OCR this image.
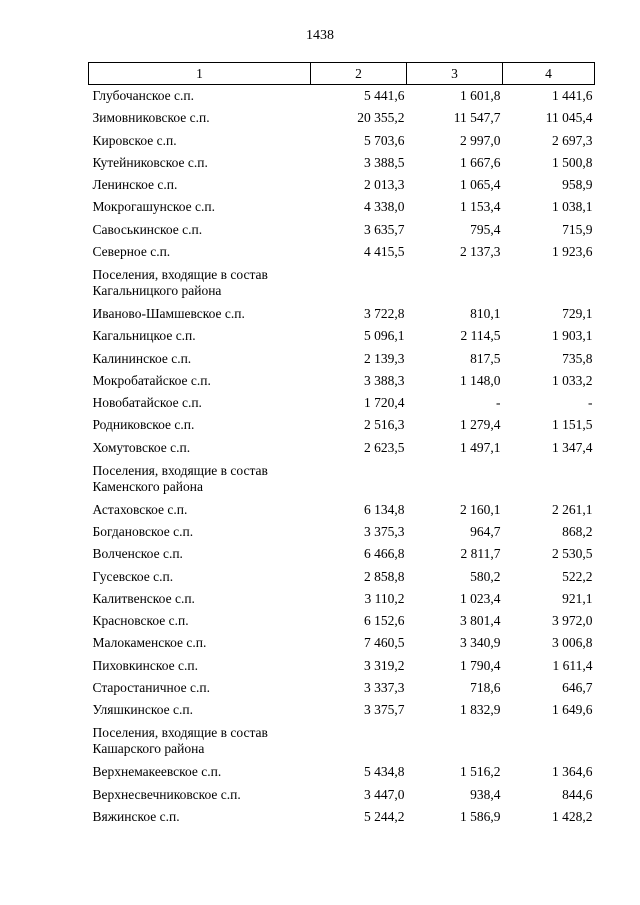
1438
1	2	3	4
Глубочанское с.п.	5 441,6	1 601,8	1 441,6
Зимовниковское с.п.	20 355,2	11 547,7	11 045,4
Кировское с.п.	5 703,6	2 997,0	2 697,3
Кутейниковское с.п.	3 388,5	1 667,6	1 500,8
Ленинское с.п.	2 013,3	1 065,4	958,9
Мокрогашунское с.п.	4 338,0	1 153,4	1 038,1
Савоськинское с.п.	3 635,7	795,4	715,9
Северное с.п.	4 415,5	2 137,3	1 923,6
Поселения, входящие в состав Кагальницкого района			
Иваново-Шамшевское с.п.	3 722,8	810,1	729,1
Кагальницкое с.п.	5 096,1	2 114,5	1 903,1
Калининское с.п.	2 139,3	817,5	735,8
Мокробатайское с.п.	3 388,3	1 148,0	1 033,2
Новобатайское с.п.	1 720,4	-	-
Родниковское с.п.	2 516,3	1 279,4	1 151,5
Хомутовское с.п.	2 623,5	1 497,1	1 347,4
Поселения, входящие в состав Каменского района			
Астаховское с.п.	6 134,8	2 160,1	2 261,1
Богдановское с.п.	3 375,3	964,7	868,2
Волченское с.п.	6 466,8	2 811,7	2 530,5
Гусевское с.п.	2 858,8	580,2	522,2
Калитвенское с.п.	3 110,2	1 023,4	921,1
Красновское с.п.	6 152,6	3 801,4	3 972,0
Малокаменское с.п.	7 460,5	3 340,9	3 006,8
Пиховкинское с.п.	3 319,2	1 790,4	1 611,4
Старостаничное с.п.	3 337,3	718,6	646,7
Уляшкинское с.п.	3 375,7	1 832,9	1 649,6
Поселения, входящие в состав Кашарского района			
Верхнемакеевское с.п.	5 434,8	1 516,2	1 364,6
Верхнесвечниковское с.п.	3 447,0	938,4	844,6
Вяжинское с.п.	5 244,2	1 586,9	1 428,2
